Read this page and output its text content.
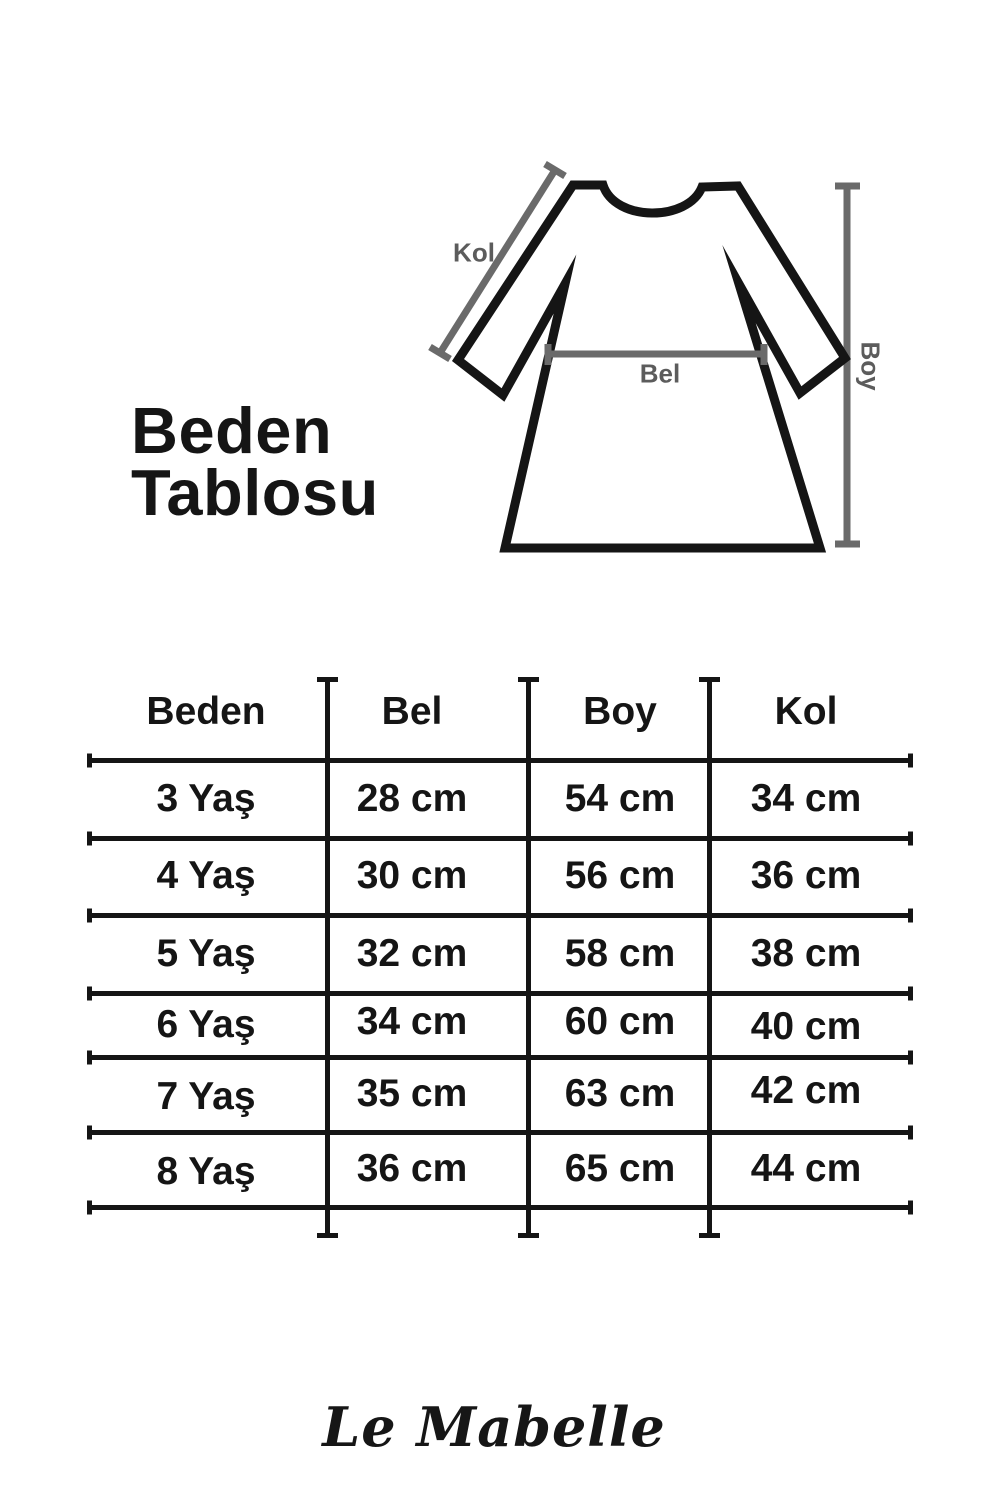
Beden
Tablosu
Kol
Bel	Boy
Beden	Bel	Boy	Kol
3 Yaş	28 cm 54 cm 34 cm
4 Yaş	30 cm 56 cm 36 cm
5 Yaş	32 cm 58 cm 38 cm
6 Yaş	34 cm 60 cm 40 cm
7 Yaş	35 cm 63 cm 42 cm
8 Yaş	36 cm 65 cm 44 cm
Le Mabelle
